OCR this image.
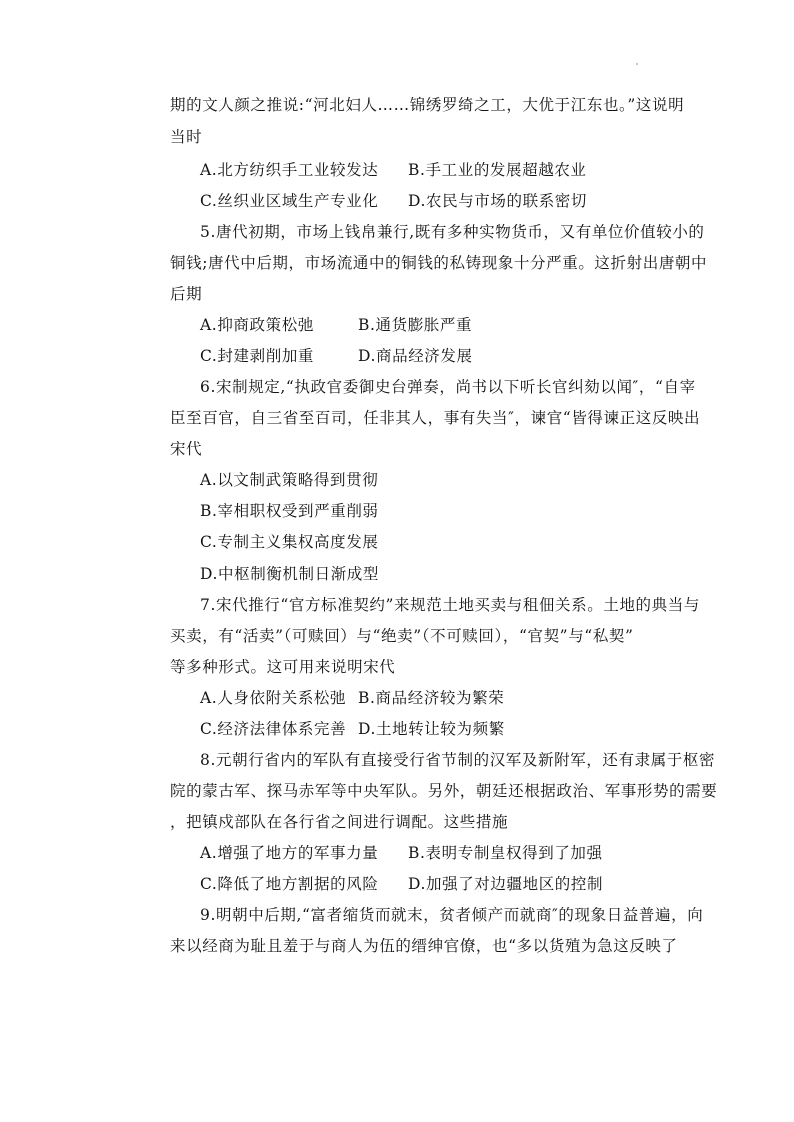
期的文人颜之推说:“河北妇人……锦绣罗绮之工，大优于江东也。”这说明
当时
A.北方纺织手工业较发达 B.手工业的发展超越农业
C.丝织业区域生产专业化 D.农民与市场的联系密切
5.唐代初期，市场上钱帛兼行,既有多种实物货币，又有单位价值较小的
铜钱;唐代中后期，市场流通中的铜钱的私铸现象十分严重。这折射出唐朝中
后期
A.抑商政策松弛	B.通货膨胀严重
C.封建剥削加重	D.商品经济发展
6.宋制规定,“执政官委御史台弹奏，尚书以下听长官纠劾以闻″，“自宰
臣至百官，自三省至百司，任非其人，事有失当″，谏官“皆得谏正这反映出
宋代
A.以文制武策略得到贯彻
B.宰相职权受到严重削弱
C.专制主义集权高度发展
D.中枢制衡机制日渐成型
7.宋代推行“官方标准契约”来规范土地买卖与租佃关系。土地的典当与
买卖，有“活卖”（可赎回）与“绝卖”（不可赎回），“官契”与“私契”
等多种形式。这可用来说明宋代
A.人身依附关系松弛 B.商品经济较为繁荣
C.经济法律体系完善 D.土地转让较为频繁
8.元朝行省内的军队有直接受行省节制的汉军及新附军，还有隶属于枢密
院的蒙古军、探马赤军等中央军队。另外，朝廷还根据政治、军事形势的需要
，把镇戍部队在各行省之间进行调配。这些措施
A.增强了地方的军事力量 B.表明专制皇权得到了加强
C.降低了地方割据的风险 D.加强了对边疆地区的控制
9.明朝中后期,“富者缩货而就末，贫者倾产而就商″的现象日益普遍，向
来以经商为耻且羞于与商人为伍的缙绅官僚，也“多以货殖为急这反映了
